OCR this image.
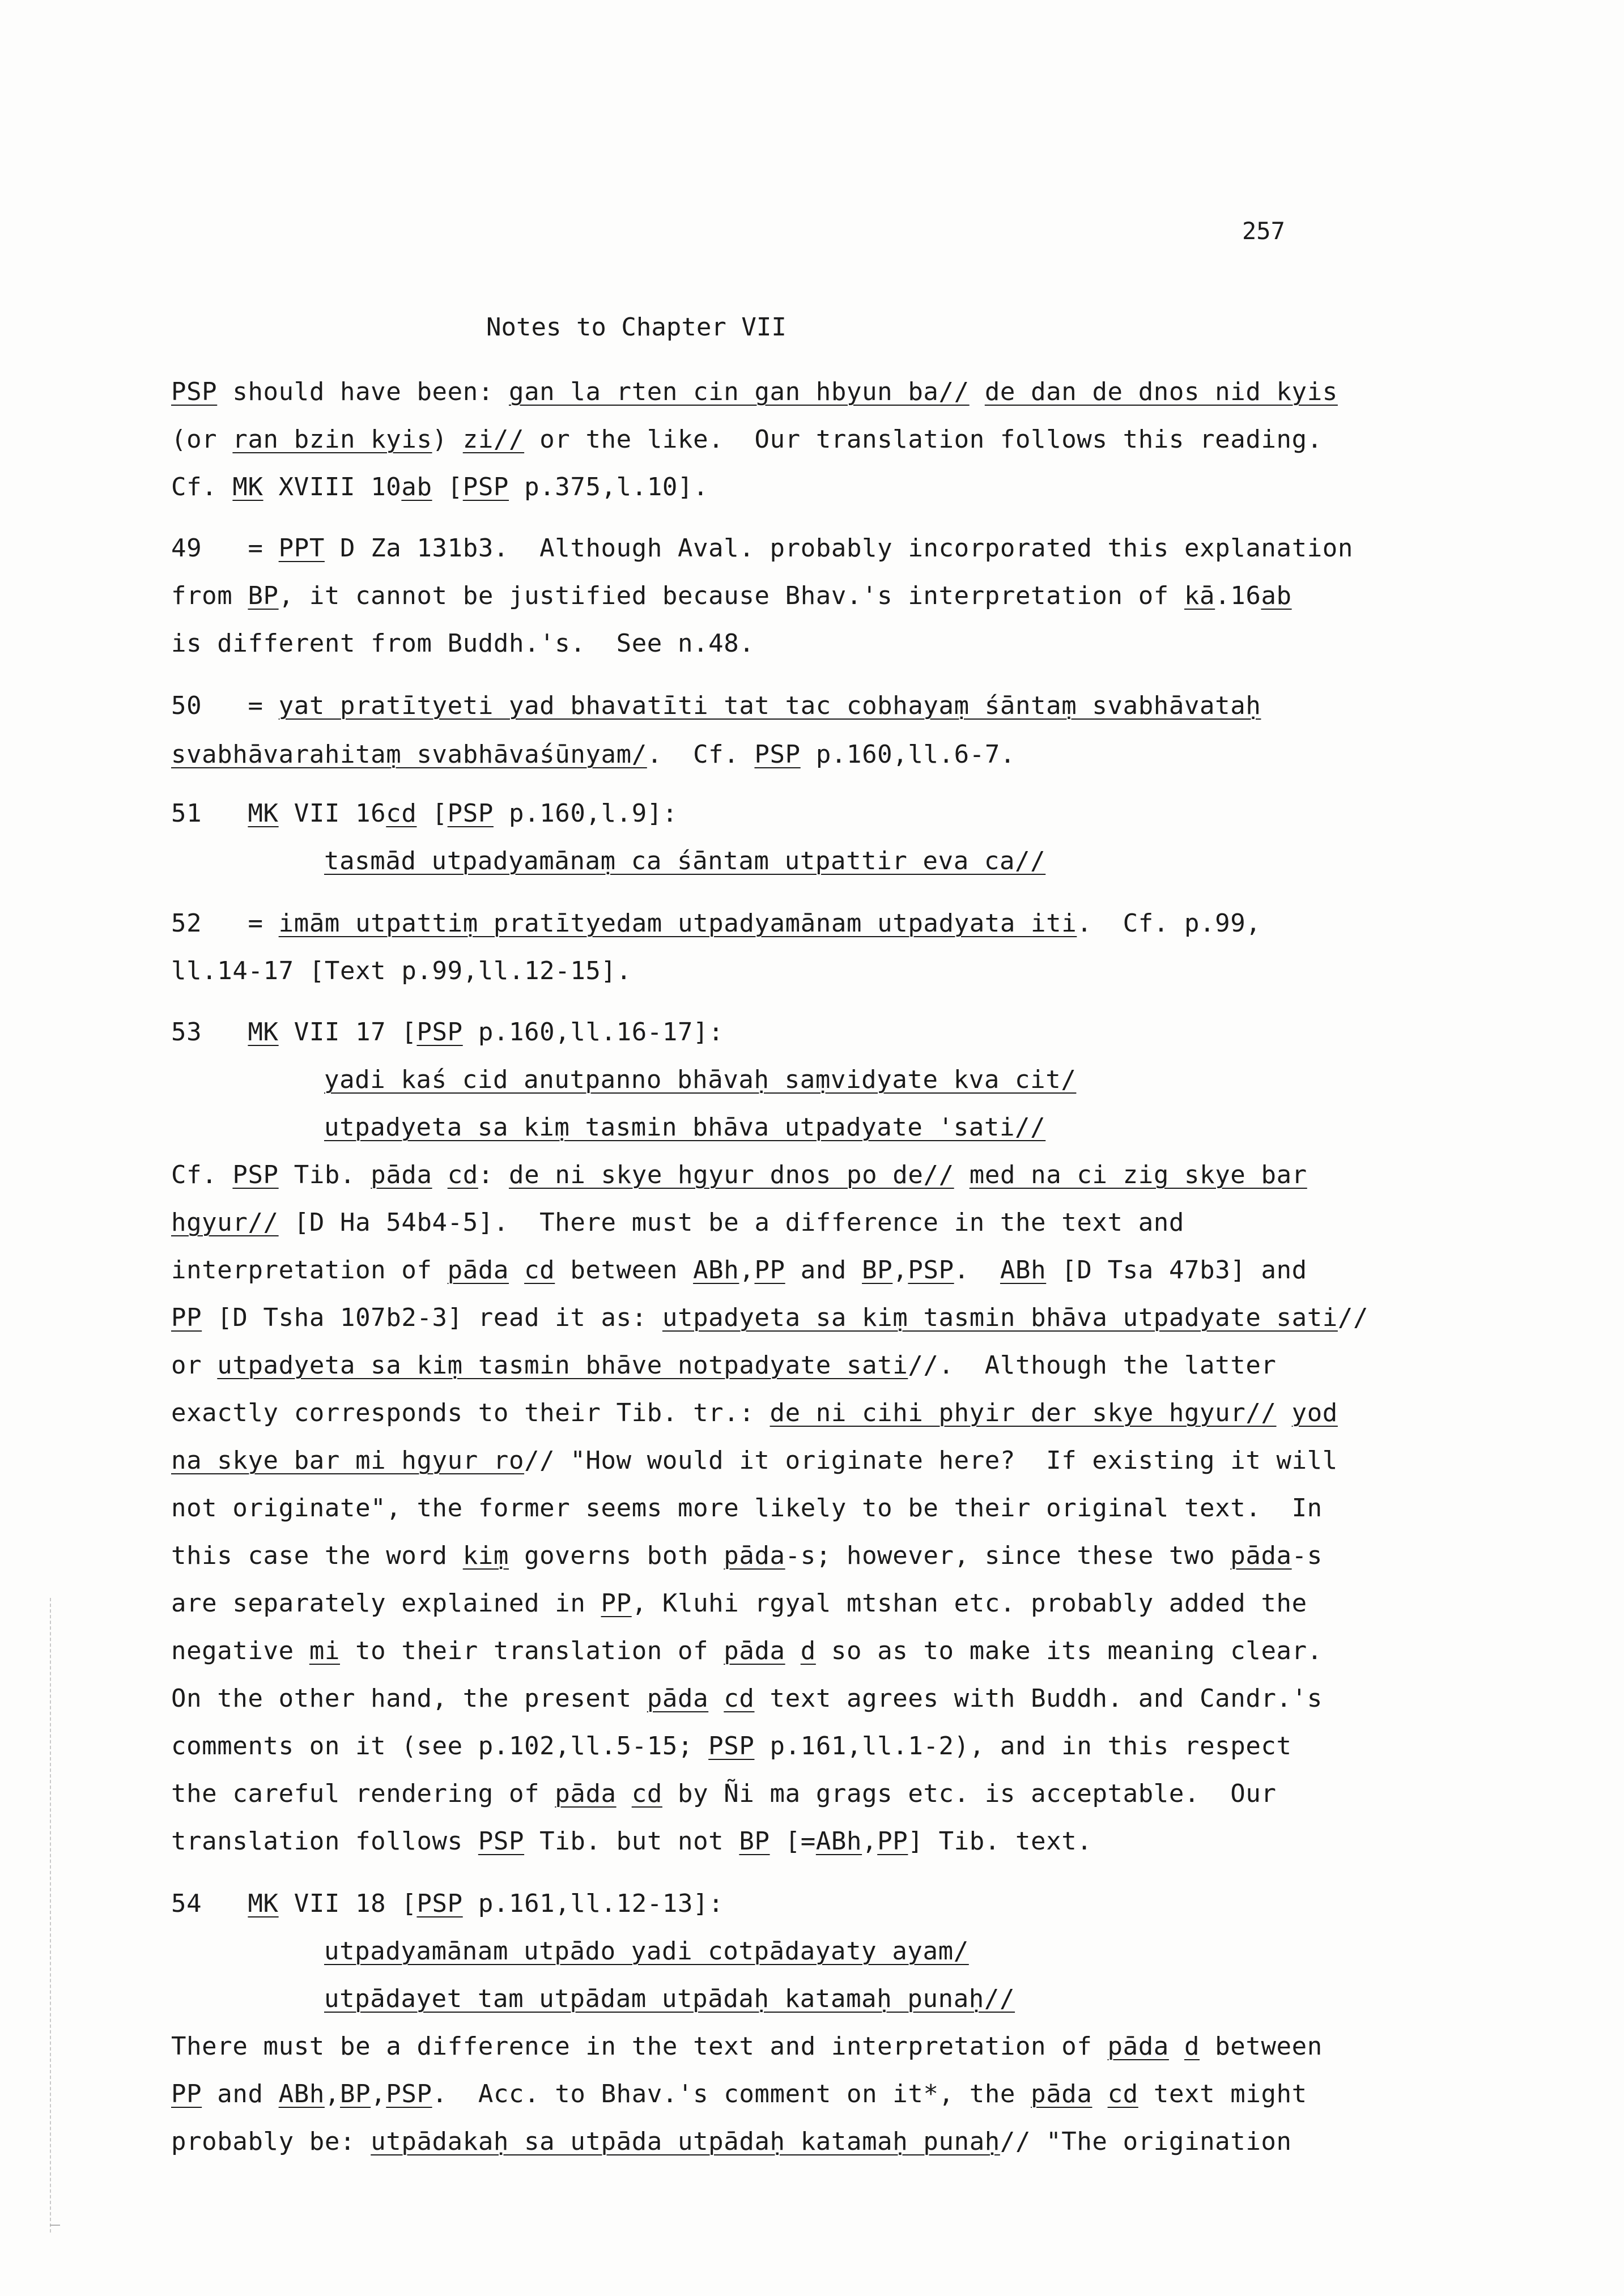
257
Notes to Chapter VII
PSP should have been: gan la rten cin gan hbyun ba// de dan de dnos nid kyis
(or ran bzin kyis) zi// or the like.  Our translation follows this reading.
Cf. MK XVIII 10ab [PSP p.375,l.10].
49   = PPT D Za 131b3.  Although Aval. probably incorporated this explanation
from BP, it cannot be justified because Bhav.'s interpretation of kā.16ab
is different from Buddh.'s.  See n.48.
50   = yat pratītyeti yad bhavatīti tat tac cobhayaṃ śāntaṃ svabhāvataḥ
svabhāvarahitaṃ svabhāvaśūnyam/.  Cf. PSP p.160,ll.6-7.
51   MK VII 16cd [PSP p.160,l.9]:
tasmād utpadyamānaṃ ca śāntam utpattir eva ca//
52   = imām utpattiṃ pratītyedam utpadyamānam utpadyata iti.  Cf. p.99,
ll.14-17 [Text p.99,ll.12-15].
53   MK VII 17 [PSP p.160,ll.16-17]:
yadi kaś cid anutpanno bhāvaḥ saṃvidyate kva cit/
utpadyeta sa kiṃ tasmin bhāva utpadyate 'sati//
Cf. PSP Tib. pāda cd: de ni skye hgyur dnos po de// med na ci zig skye bar
hgyur// [D Ha 54b4-5].  There must be a difference in the text and
interpretation of pāda cd between ABh,PP and BP,PSP.  ABh [D Tsa 47b3] and
PP [D Tsha 107b2-3] read it as: utpadyeta sa kiṃ tasmin bhāva utpadyate sati//
or utpadyeta sa kiṃ tasmin bhāve notpadyate sati//.  Although the latter
exactly corresponds to their Tib. tr.: de ni cihi phyir der skye hgyur// yod
na skye bar mi hgyur ro// "How would it originate here?  If existing it will
not originate", the former seems more likely to be their original text.  In
this case the word kiṃ governs both pāda-s; however, since these two pāda-s
are separately explained in PP, Kluhi rgyal mtshan etc. probably added the
negative mi to their translation of pāda d so as to make its meaning clear.
On the other hand, the present pāda cd text agrees with Buddh. and Candr.'s
comments on it (see p.102,ll.5-15; PSP p.161,ll.1-2), and in this respect
the careful rendering of pāda cd by Ñi ma grags etc. is acceptable.  Our
translation follows PSP Tib. but not BP [=ABh,PP] Tib. text.
54   MK VII 18 [PSP p.161,ll.12-13]:
utpadyamānam utpādo yadi cotpādayaty ayam/
utpādayet tam utpādam utpādaḥ katamaḥ punaḥ//
There must be a difference in the text and interpretation of pāda d between
PP and ABh,BP,PSP.  Acc. to Bhav.'s comment on it*, the pāda cd text might
probably be: utpādakaḥ sa utpāda utpādaḥ katamaḥ punaḥ// "The origination
